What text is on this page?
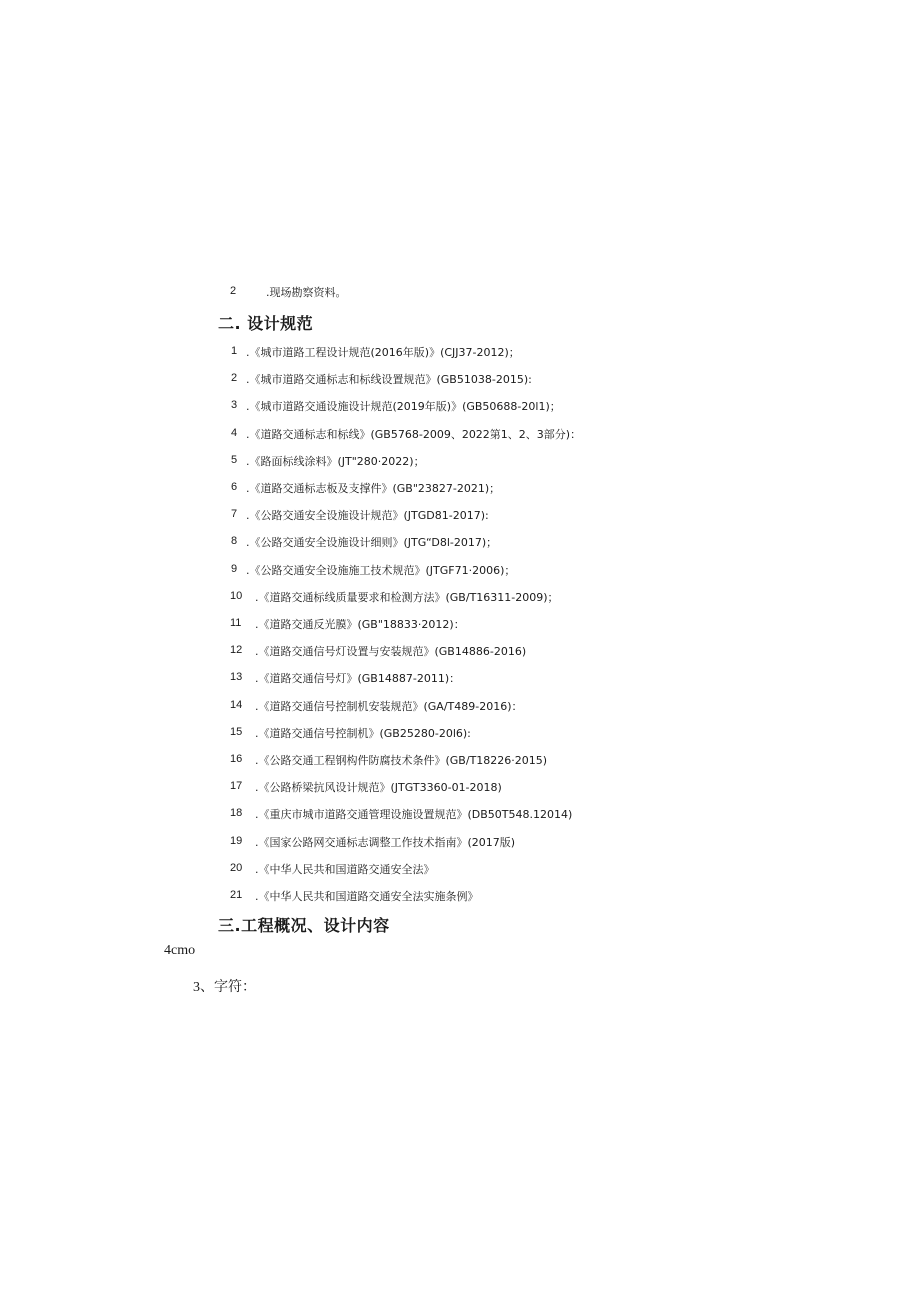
2	.现场勘察资料。
二. 设计规范
1 .《城市道路工程设计规范(2016年版)》(CJJ37-2012)；
2 .《城市道路交通标志和标线设置规范》(GB51038-2015):
3 .《城市道路交通设施设计规范(2019年版)》(GB50688-20l1)；
4 .《道路交通标志和标线》(GB5768-2009、2022第1、2、3部分)：
5 .《路面标线涂料》(JT"280·2022)；
6 .《道路交通标志板及支撑件》(GB"23827-2021)；
7 .《公路交通安全设施设计规范》(JTGD81-2017):
8 .《公路交通安全设施设计细则》(JTG“D8l-2017)；
9 .《公路交通安全设施施工技术规范》(JTGF71·2006)；
10 .《道路交通标线质量要求和检测方法》(GB/T16311-2009)；
11 .《道路交通反光膜》(GB"18833·2012)：
12 .《道路交通信号灯设置与安装规范》(GB14886-2016)
13 .《道路交通信号灯》(GB14887-2011)：
14 .《道路交通信号控制机安装规范》(GA/T489-2016)：
15 .《道路交通信号控制机》(GB25280-20l6):
16 .《公路交通工程钢构件防腐技术条件》(GB/T18226·2015)
17 .《公路桥梁抗风设计规范》(JTGT3360-01-2018)
18 .《重庆市城市道路交通管理设施设置规范》(DB50T548.12014)
19 .《国家公路网交通标志调整工作技术指南》(2017版)
20 .《中华人民共和国道路交通安全法》
21 .《中华人民共和国道路交通安全法实施条例》
三.工程概况、设计内容
4cmo
3、字符：
